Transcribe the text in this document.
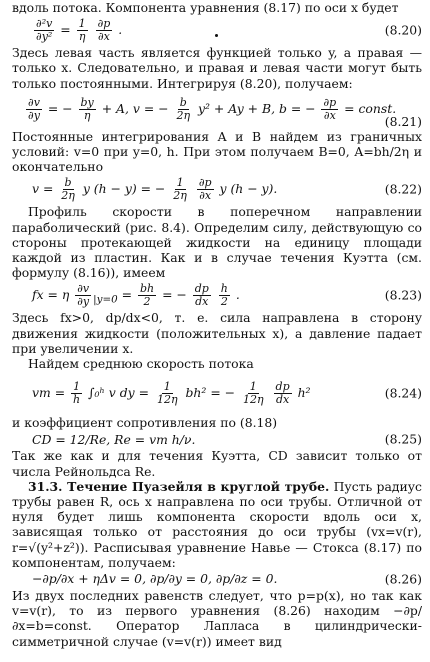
вдоль потока. Компонента уравнения (8.17) по оси x будет

$\frac{\text{∂²v}}{\text{∂y²}} = \frac{1}{\eta}$
$\frac{\partial p}{\partial x}$ .	(8.20)

Здесь левая часть является функцией только y, а правая — только x. Следовательно, и правая и левая части могут быть только постоянными. Интегрируя (8.20), получаем:

$\frac{\partial v}{\partial y}$ = − $\frac{by}{\eta} + A$, v = − $\frac{b}{2\eta} y^2 + Ay + B$, b = − $\frac{\partial p}{\partial x}$ = const.
(8.21)

Постоянные интегрирования A и B найдем из граничных условий: v=0 при y=0, h. При этом получаем B=0, A=bh/2η и окончательно

$v = \frac{b}{2\eta}$ y (h − y) = − $\frac{1}{2\eta}$
$\frac{\partial p}{\partial x}$ y (h − y).	(8.22)

Профиль скорости в поперечном направлении параболический (рис. 8.4). Определим силу, действующую со стороны протекающей жидкости на единицу площади каждой из пластин. Как и в случае течения Куэтта (см. формулу (8.16)), имеем

fx = η $\frac{\partial v}{\partial y} _{|y=0} = \frac{bh}{2}$ = − $\frac{dp}{dx}$
$\frac{h}{2}$ .	(8.23)

Здесь fx>0, dp/dx<0, т. е. сила направлена в сторону движения жидкости (положительных x), а давление падает при увеличении x.

Найдем среднюю скорость потока

vm = $\frac{1}{h}$ ∫₀ʰ v dy = $\frac{1}{12\eta} bh^2$ = − $\frac{1}{12\eta}$
$\frac{dp}{dx} h^2$	(8.24)

и коэффициент сопротивления по (8.18)

CD = 12/Re, Re = vm h/ν.	(8.25)

Так же как и для течения Куэтта, CD зависит только от числа Рейнольдса Re.

31.3. Течение Пуазейля в круглой трубе. Пусть радиус трубы равен R, ось x направлена по оси трубы. Отличной от нуля будет лишь компонента скорости вдоль оси x, зависящая только от расстояния до оси трубы (vx=v(r), r=√(y²+z²)). Расписывая уравнение Навье — Стокса (8.17) по компонентам, получаем:

−∂p/∂x + ηΔv = 0, ∂p/∂y = 0, ∂p/∂z = 0.	(8.26)

Из двух последних равенств следует, что p=p(x), но так как v=v(r), то из первого уравнения (8.26) находим −∂p/∂x=b=const. Оператор Лапласа в цилиндрически-симметричной случае (v=v(r)) имеет вид
